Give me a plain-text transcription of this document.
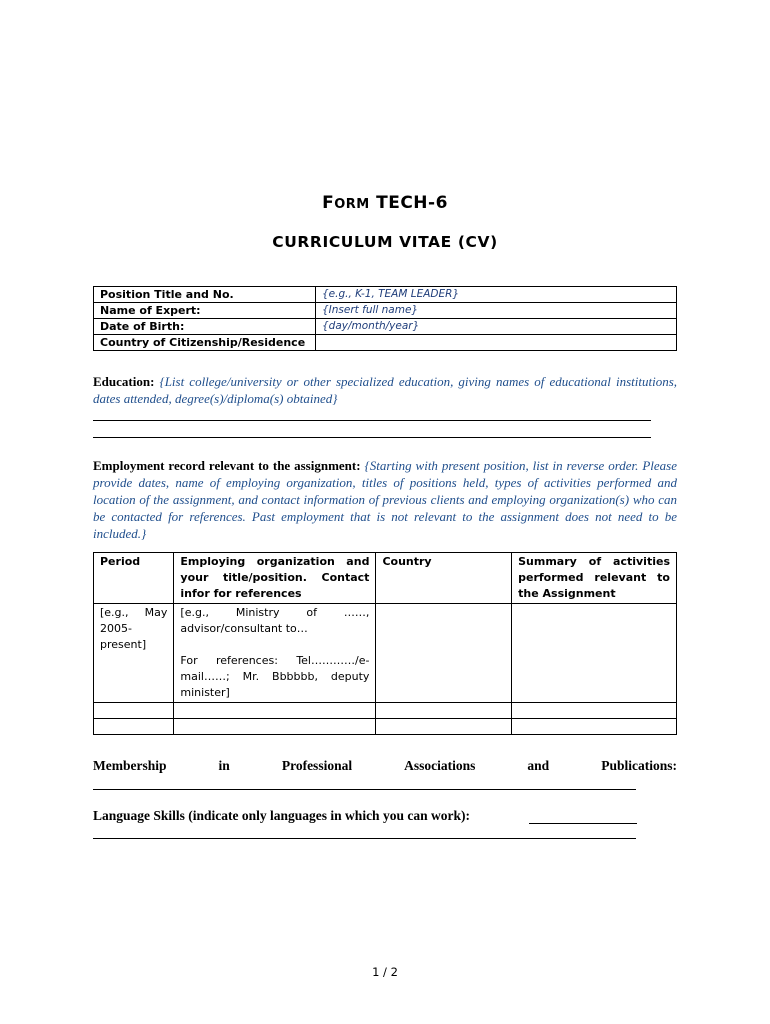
FORM TECH-6
CURRICULUM VITAE (CV)
Position Title and No.	{e.g., K-1, TEAM LEADER}
Name of Expert:	{Insert full name}
Date of Birth:	{day/month/year}
Country of Citizenship/Residence	
Education: {List college/university or other specialized education, giving names of educational institutions, dates attended, degree(s)/diploma(s) obtained}
Employment record relevant to the assignment: {Starting with present position, list in reverse order. Please provide dates, name of employing organization, titles of positions held, types of activities performed and location of the assignment, and contact information of previous clients and employing organization(s) who can be contacted for references. Past employment that is not relevant to the assignment does not need to be included.}
Period	Employing organization and your title/position. Contact infor for references	Country	Summary of activities performed relevant to the Assignment
[e.g., May 2005-present]	[e.g., Ministry of ……, advisor/consultant to…
For references: Tel…………/e-mail……; Mr. Bbbbbb, deputy minister]		

Membership	in	Professional	Associations	and	Publications:
Language Skills (indicate only languages in which you can work):
1 / 2
